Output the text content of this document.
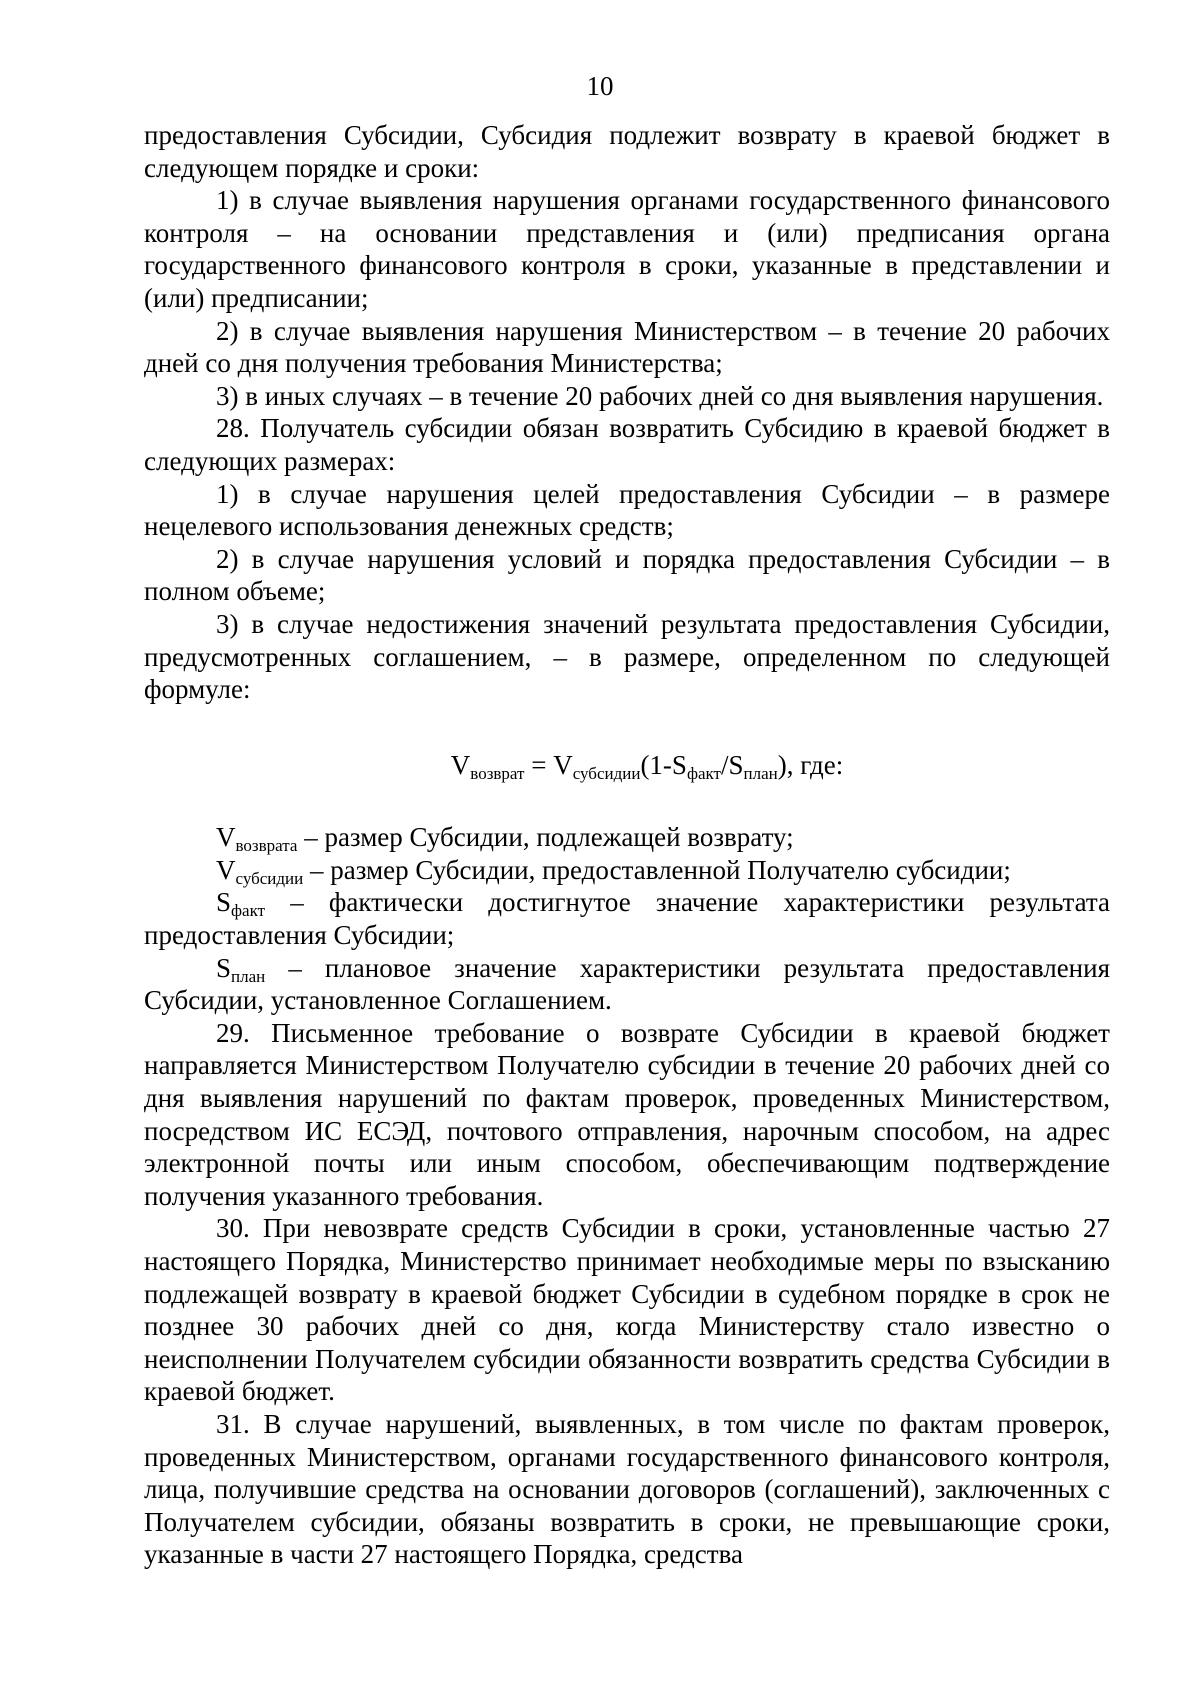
10

предоставления Субсидии, Субсидия подлежит возврату в краевой бюджет в следующем порядке и сроки:

1) в случае выявления нарушения органами государственного финансового контроля – на основании представления и (или) предписания органа государственного финансового контроля в сроки, указанные в представлении и (или) предписании;

2) в случае выявления нарушения Министерством – в течение 20 рабочих дней со дня получения требования Министерства;

3) в иных случаях – в течение 20 рабочих дней со дня выявления нарушения.

28. Получатель субсидии обязан возвратить Субсидию в краевой бюджет в следующих размерах:

1) в случае нарушения целей предоставления Субсидии – в размере нецелевого использования денежных средств;

2) в случае нарушения условий и порядка предоставления Субсидии – в полном объеме;

3) в случае недостижения значений результата предоставления Субсидии, предусмотренных соглашением, – в размере, определенном по следующей формуле:

$V_{возврат} = V_{субсидии}(1-S_{факт}/S_{план})$, где:

$V_{возврата}$ – размер Субсидии, подлежащей возврату;

$V_{субсидии}$ – размер Субсидии, предоставленной Получателю субсидии;

$S_{факт}$ – фактически достигнутое значение характеристики результата предоставления Субсидии;

$S_{план}$ – плановое значение характеристики результата предоставления Субсидии, установленное Соглашением.

29. Письменное требование о возврате Субсидии в краевой бюджет направляется Министерством Получателю субсидии в течение 20 рабочих дней со дня выявления нарушений по фактам проверок, проведенных Министерством, посредством ИС ЕСЭД, почтового отправления, нарочным способом, на адрес электронной почты или иным способом, обеспечивающим подтверждение получения указанного требования.

30. При невозврате средств Субсидии в сроки, установленные частью 27 настоящего Порядка, Министерство принимает необходимые меры по взысканию подлежащей возврату в краевой бюджет Субсидии в судебном порядке в срок не позднее 30 рабочих дней со дня, когда Министерству стало известно о неисполнении Получателем субсидии обязанности возвратить средства Субсидии в краевой бюджет.

31. В случае нарушений, выявленных, в том числе по фактам проверок, проведенных Министерством, органами государственного финансового контроля, лица, получившие средства на основании договоров (соглашений), заключенных с Получателем субсидии, обязаны возвратить в сроки, не превышающие сроки, указанные в части 27 настоящего Порядка, средства
